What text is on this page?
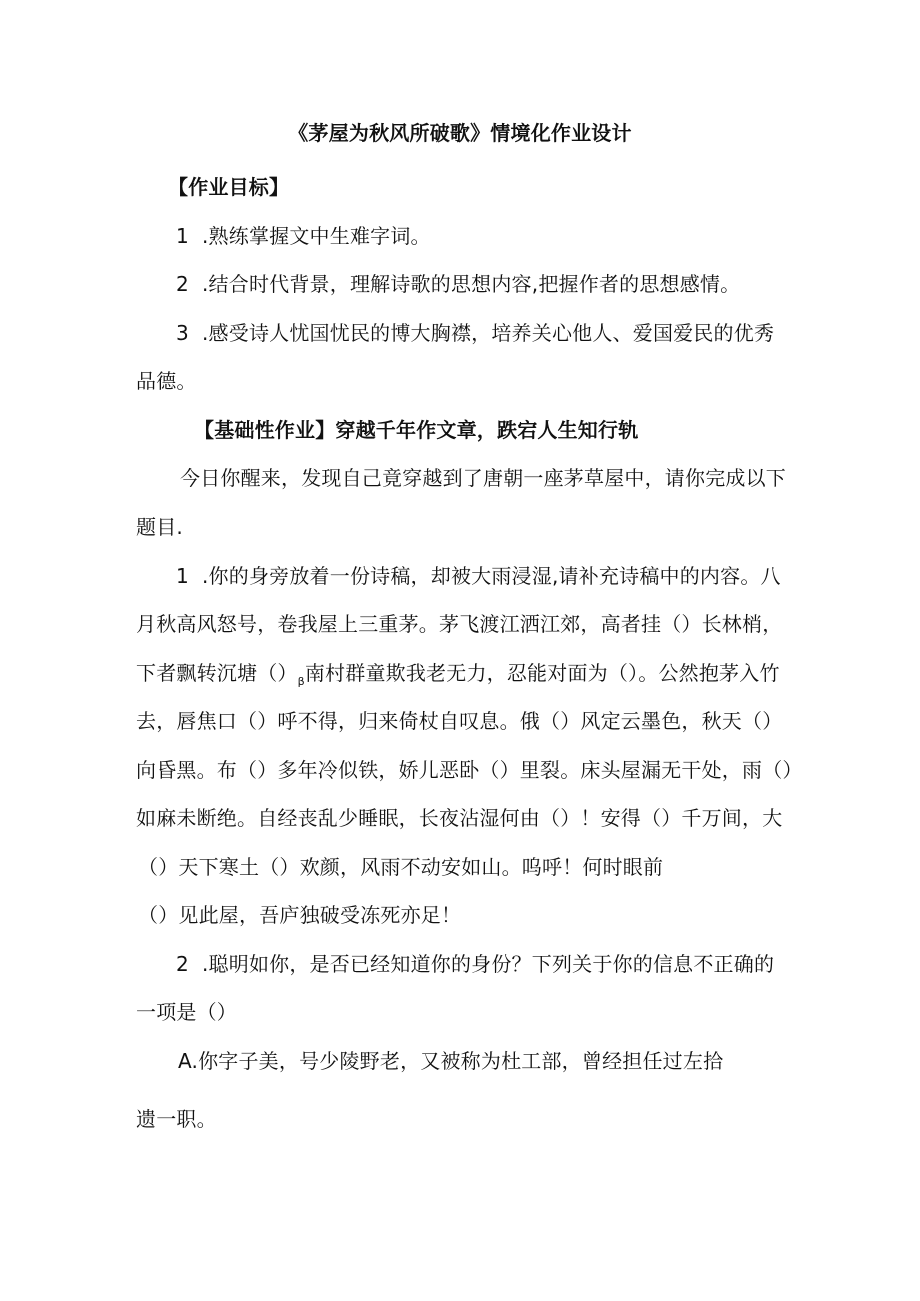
《茅屋为秋风所破歌》情境化作业设计
【作业目标】
1 .熟练掌握文中生难字词。
2 .结合时代背景，理解诗歌的思想内容,把握作者的思想感情。
3 .感受诗人忧国忧民的博大胸襟，培养关心他人、爱国爱民的优秀
品德。
【基础性作业】穿越千年作文章，跌宕人生知行轨
今日你醒来，发现自己竟穿越到了唐朝一座茅草屋中，请你完成以下
题目.
1 .你的身旁放着一份诗稿，却被大雨浸湿,请补充诗稿中的内容。八
月秋高风怒号，卷我屋上三重茅。茅飞渡江洒江郊，高者挂（）长林梢，
下者飘转沉塘$()_\beta$南村群童欺我老无力，忍能对面为（）。公然抱茅入竹
去，唇焦口（）呼不得，归来倚杖自叹息。俄（）风定云墨色，秋天（）
向昏黑。布（）多年冷似铁，娇儿恶卧（）里裂。床头屋漏无干处，雨（）
如麻未断绝。自经丧乱少睡眠，长夜沾湿何由（）！安得（）千万间，大
（）天下寒土（）欢颜，风雨不动安如山。呜呼！何时眼前
（）见此屋，吾庐独破受冻死亦足！
2 .聪明如你，是否已经知道你的身份？下列关于你的信息不正确的
一项是（）
A.你字子美，号少陵野老，又被称为杜工部，曾经担任过左拾
遗一职。
